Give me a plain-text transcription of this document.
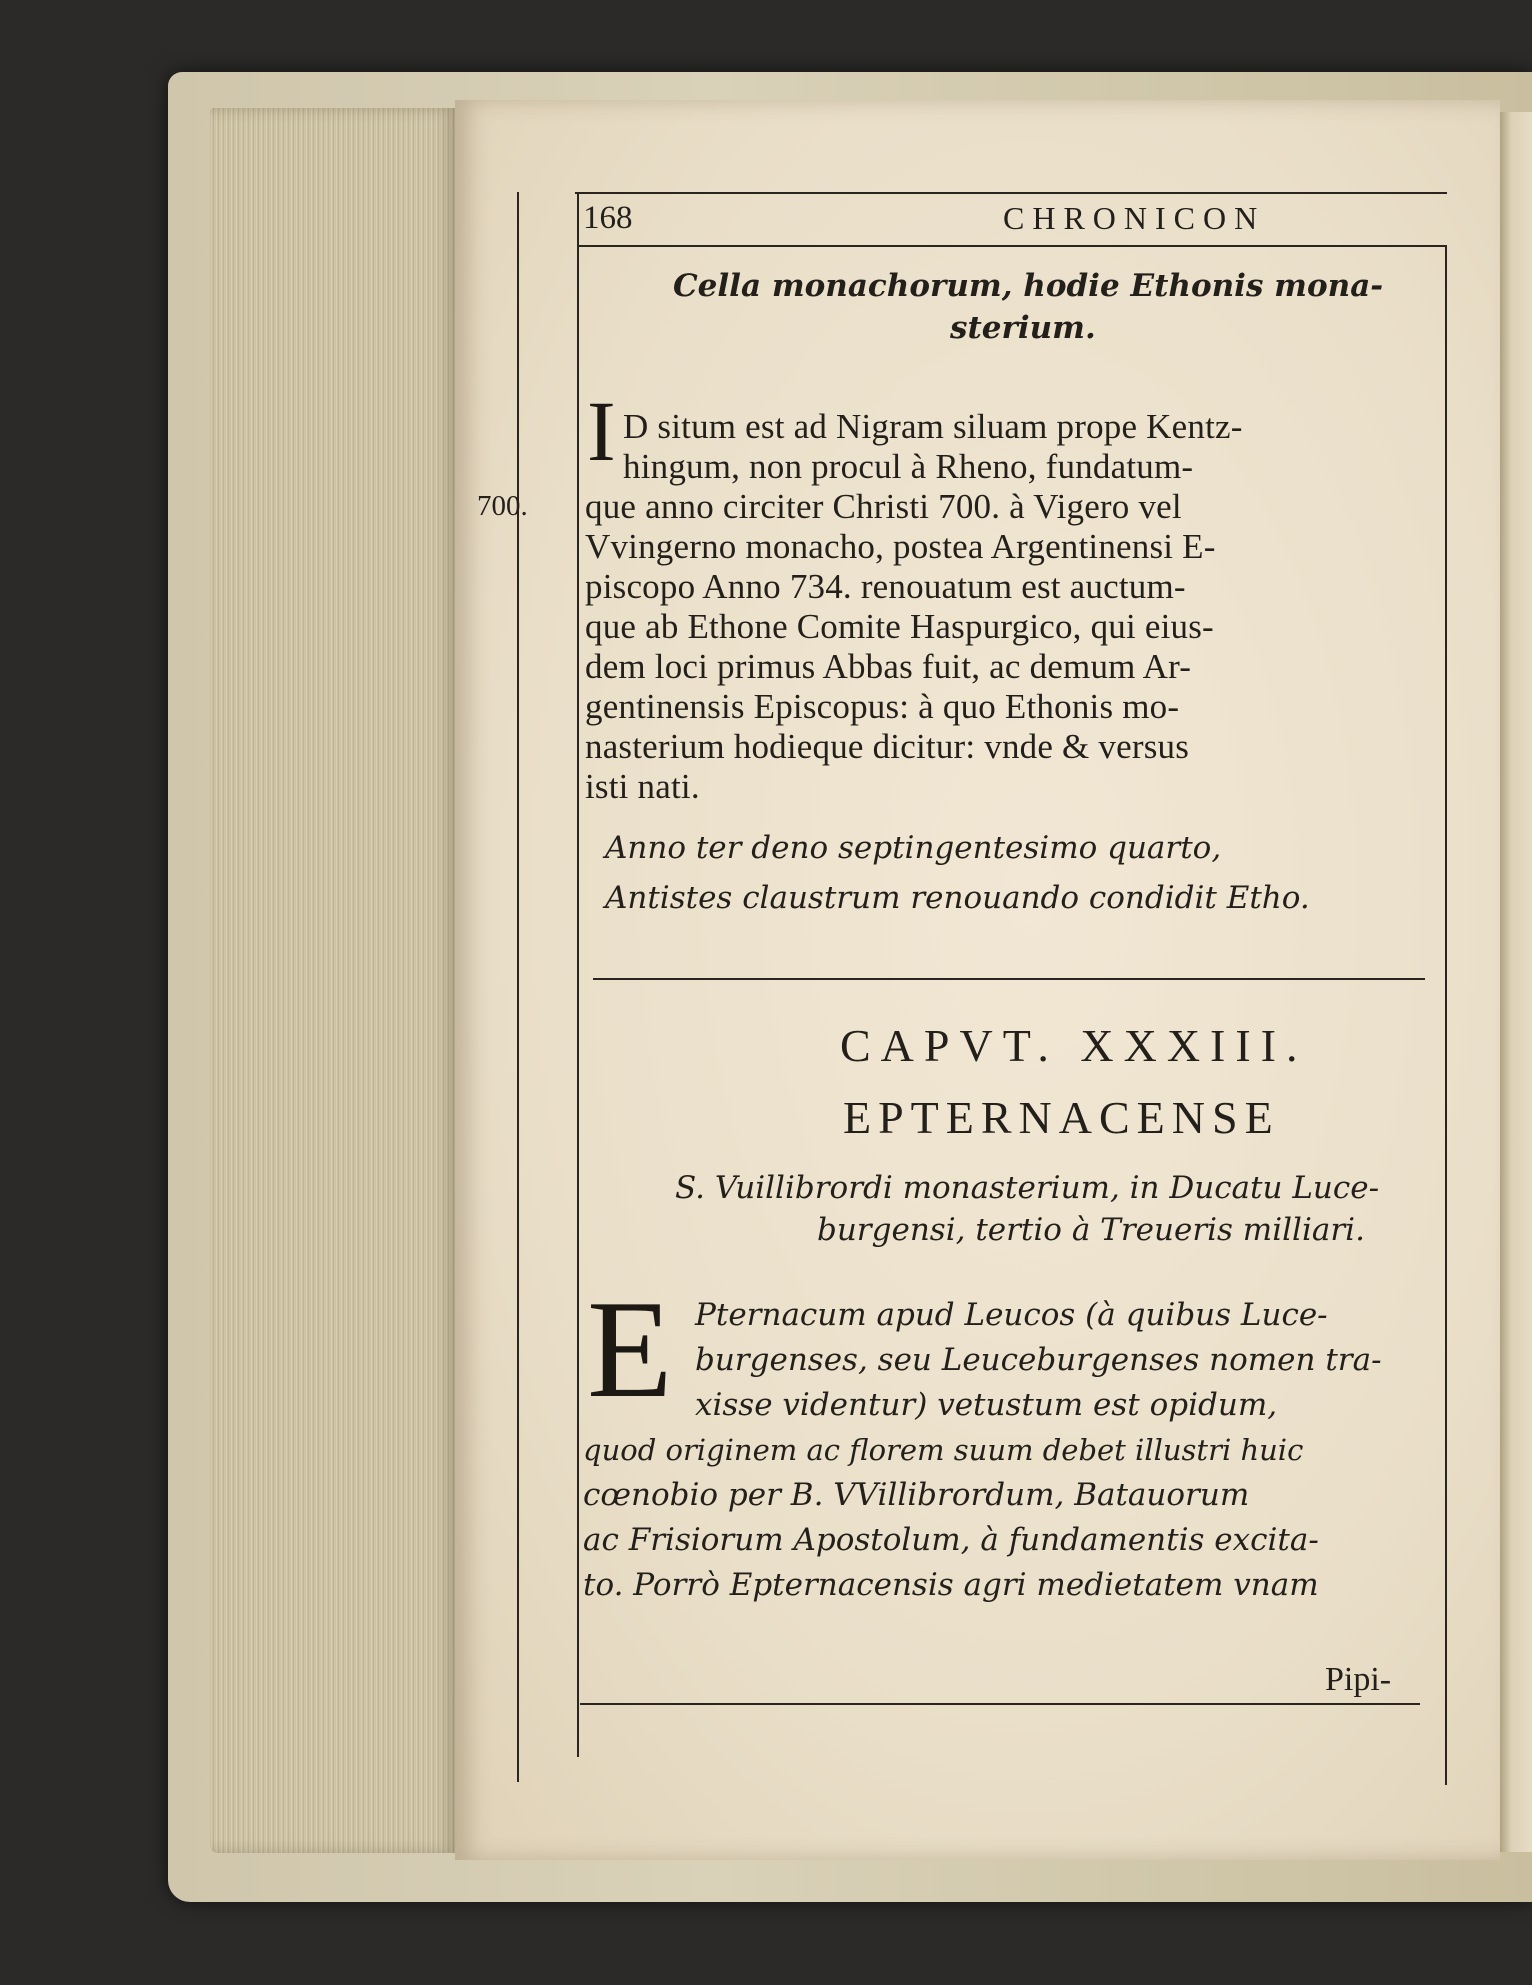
168	CHRONICON
700.
Cella monachorum, hodie Ethonis mona-
sterium.
I D situm est ad Nigram siluam prope Kentz-
hingum, non procul à Rheno, fundatum-
que anno circiter Christi 700. à Vigero vel
Vvingerno monacho, postea Argentinensi E-
piscopo Anno 734. renouatum est auctum-
que ab Ethone Comite Haspurgico, qui eius-
dem loci primus Abbas fuit, ac demum Ar-
gentinensis Episcopus: à quo Ethonis mo-
nasterium hodieque dicitur: vnde & versus
isti nati.
Anno ter deno septingentesimo quarto,
Antistes claustrum renouando condidit Etho.
CAPVT. XXXIII.
EPTERNACENSE
S. Vuillibrordi monasterium, in Ducatu Luce-
burgensi, tertio à Treueris milliari.
E Pternacum apud Leucos (à quibus Luce-
burgenses, seu Leuceburgenses nomen tra-
xisse videntur) vetustum est opidum,
quod originem ac florem suum debet illustri huic
cœnobio per B. VVillibrordum, Batauorum
ac Frisiorum Apostolum, à fundamentis excita-
to. Porrò Epternacensis agri medietatem vnam
Pipi-
